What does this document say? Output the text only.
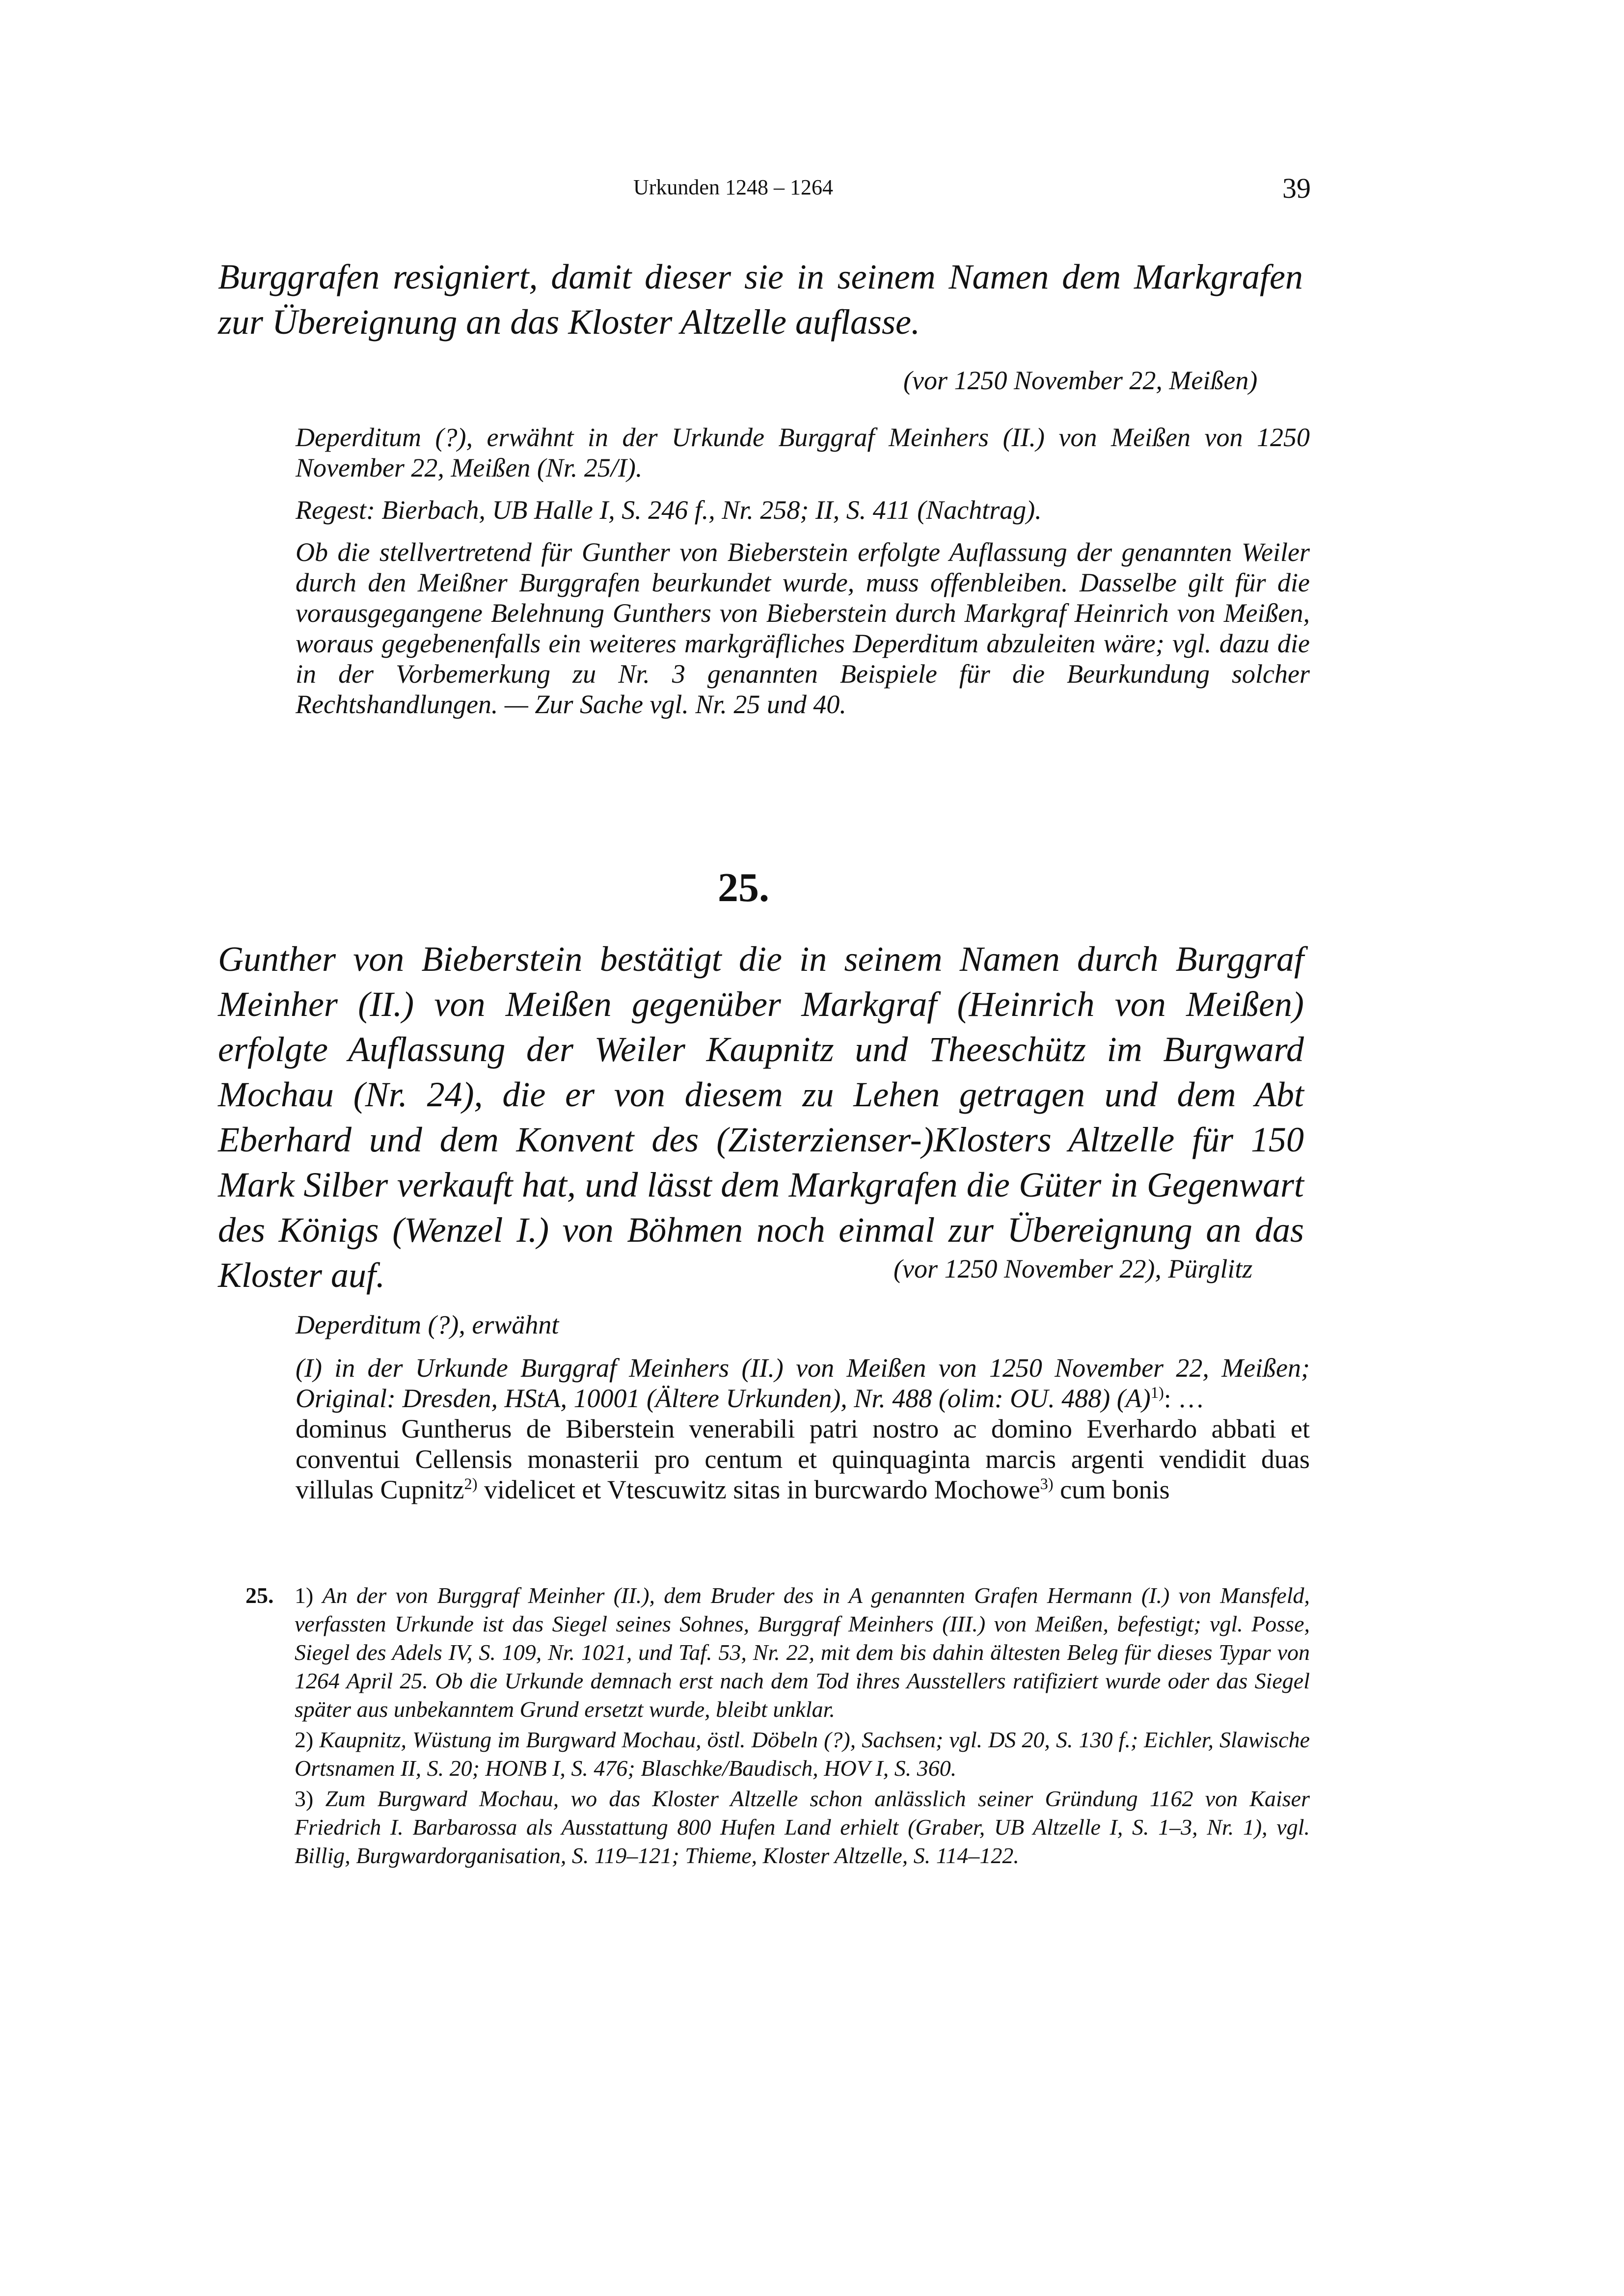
Urkunden 1248 – 1264	39
Burggrafen resigniert, damit dieser sie in seinem Namen dem Markgrafen zur Übereignung an das Kloster Altzelle auflasse.
(vor 1250 November 22, Meißen)

Deperditum (?), erwähnt in der Urkunde Burggraf Meinhers (II.) von Meißen von 1250 November 22, Meißen (Nr. 25/I).

Regest: Bierbach, UB Halle I, S. 246 f., Nr. 258; II, S. 411 (Nachtrag).

Ob die stellvertretend für Gunther von Bieberstein erfolgte Auflassung der genannten Weiler durch den Meißner Burggrafen beurkundet wurde, muss offenbleiben. Dasselbe gilt für die vorausgegangene Belehnung Gunthers von Bieberstein durch Markgraf Heinrich von Meißen, woraus gegebenenfalls ein weiteres markgräfliches Deperditum abzuleiten wäre; vgl. dazu die in der Vorbemerkung zu Nr. 3 genannten Beispiele für die Beurkundung solcher Rechtshandlungen. — Zur Sache vgl. Nr. 25 und 40.

25.
Gunther von Bieberstein bestätigt die in seinem Namen durch Burggraf Meinher (II.) von Meißen gegenüber Markgraf (Heinrich von Meißen) erfolgte Auflassung der Weiler Kaupnitz und Theeschütz im Burgward Mochau (Nr. 24), die er von diesem zu Lehen getragen und dem Abt Eberhard und dem Konvent des (Zisterzienser-)Klosters Altzelle für 150 Mark Silber verkauft hat, und lässt dem Markgrafen die Güter in Gegenwart des Königs (Wenzel I.) von Böhmen noch einmal zur Übereignung an das Kloster auf.	(vor 1250 November 22), Pürglitz

Deperditum (?), erwähnt

(I) in der Urkunde Burggraf Meinhers (II.) von Meißen von 1250 November 22, Meißen; Original: Dresden, HStA, 10001 (Ältere Urkunden), Nr. 488 (olim: OU. 488) $(A)^{1)}$: …

dominus Guntherus de Biberstein venerabili patri nostro ac domino Everhardo abbati et conventui Cellensis monasterii pro centum et quinquaginta marcis argenti vendidit duas villulas Cupnitz$^{2)}$ videlicet et Vtescuwitz sitas in burcwardo Mochowe$^{3)}$ cum bonis

25. 1) An der von Burggraf Meinher (II.), dem Bruder des in A genannten Grafen Hermann (I.) von Mansfeld, verfassten Urkunde ist das Siegel seines Sohnes, Burggraf Meinhers (III.) von Meißen, befestigt; vgl. Posse, Siegel des Adels IV, S. 109, Nr. 1021, und Taf. 53, Nr. 22, mit dem bis dahin ältesten Beleg für dieses Typar von 1264 April 25. Ob die Urkunde demnach erst nach dem Tod ihres Ausstellers ratifiziert wurde oder das Siegel später aus unbekanntem Grund ersetzt wurde, bleibt unklar.

2) Kaupnitz, Wüstung im Burgward Mochau, östl. Döbeln (?), Sachsen; vgl. DS 20, S. 130 f.; Eichler, Slawische Ortsnamen II, S. 20; HONB I, S. 476; Blaschke/Baudisch, HOV I, S. 360.

3) Zum Burgward Mochau, wo das Kloster Altzelle schon anlässlich seiner Gründung 1162 von Kaiser Friedrich I. Barbarossa als Ausstattung 800 Hufen Land erhielt (Graber, UB Altzelle I, S. 1–3, Nr. 1), vgl. Billig, Burgwardorganisation, S. 119–121; Thieme, Kloster Altzelle, S. 114–122.
